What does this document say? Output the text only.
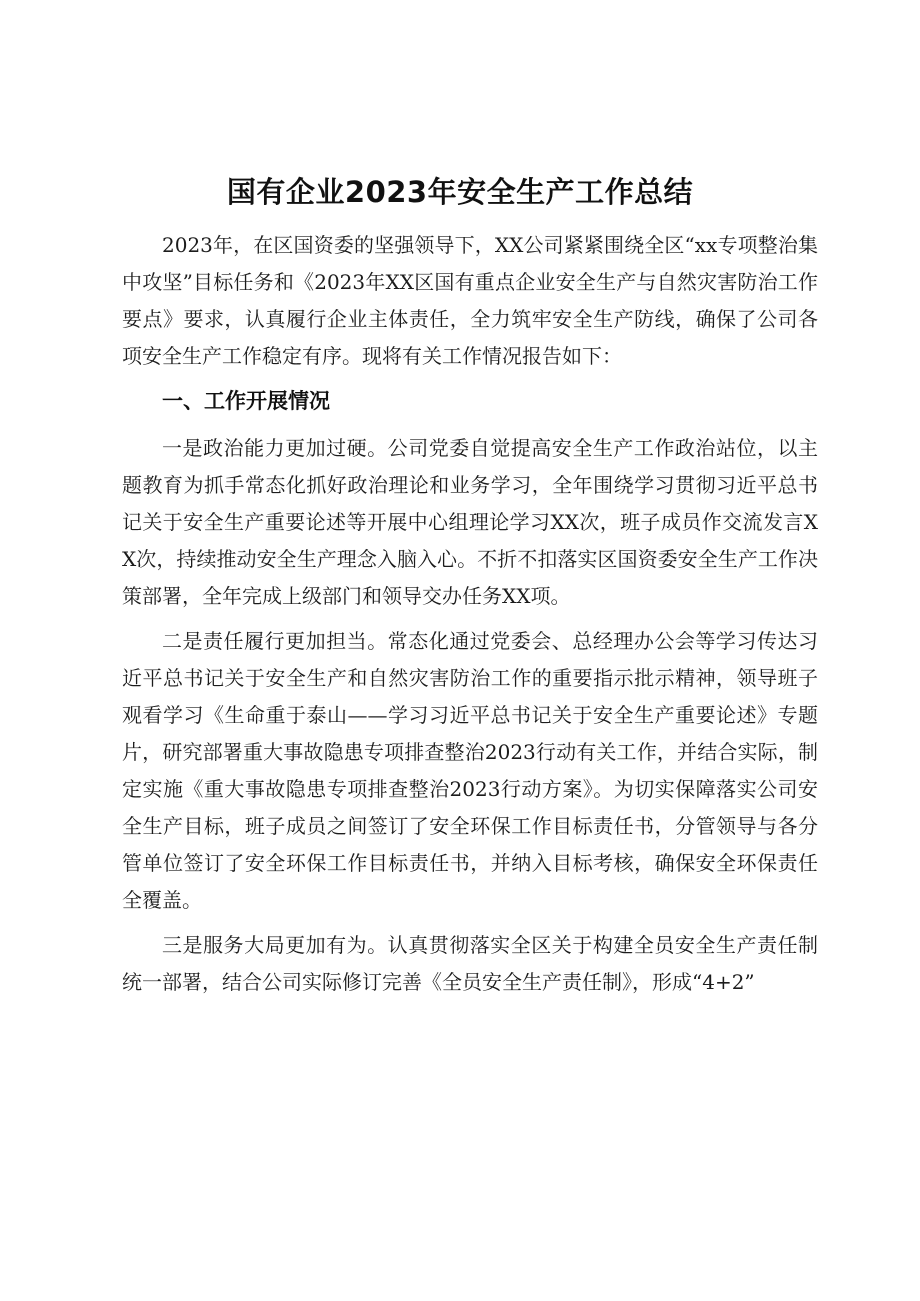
国有企业2023年安全生产工作总结

2023年，在区国资委的坚强领导下，XX公司紧紧围绕全区“xx专项整治集中攻坚”目标任务和《2023年XX区国有重点企业安全生产与自然灾害防治工作要点》要求，认真履行企业主体责任，全力筑牢安全生产防线，确保了公司各项安全生产工作稳定有序。现将有关工作情况报告如下：

一、工作开展情况

一是政治能力更加过硬。公司党委自觉提高安全生产工作政治站位，以主题教育为抓手常态化抓好政治理论和业务学习，全年围绕学习贯彻习近平总书记关于安全生产重要论述等开展中心组理论学习XX次，班子成员作交流发言XX次，持续推动安全生产理念入脑入心。不折不扣落实区国资委安全生产工作决策部署，全年完成上级部门和领导交办任务XX项。

二是责任履行更加担当。常态化通过党委会、总经理办公会等学习传达习近平总书记关于安全生产和自然灾害防治工作的重要指示批示精神，领导班子观看学习《生命重于泰山——学习习近平总书记关于安全生产重要论述》专题片，研究部署重大事故隐患专项排查整治2023行动有关工作，并结合实际，制定实施《重大事故隐患专项排查整治2023行动方案》。为切实保障落实公司安全生产目标，班子成员之间签订了安全环保工作目标责任书，分管领导与各分管单位签订了安全环保工作目标责任书，并纳入目标考核，确保安全环保责任全覆盖。

三是服务大局更加有为。认真贯彻落实全区关于构建全员安全生产责任制统一部署，结合公司实际修订完善《全员安全生产责任制》，形成“4+2”
